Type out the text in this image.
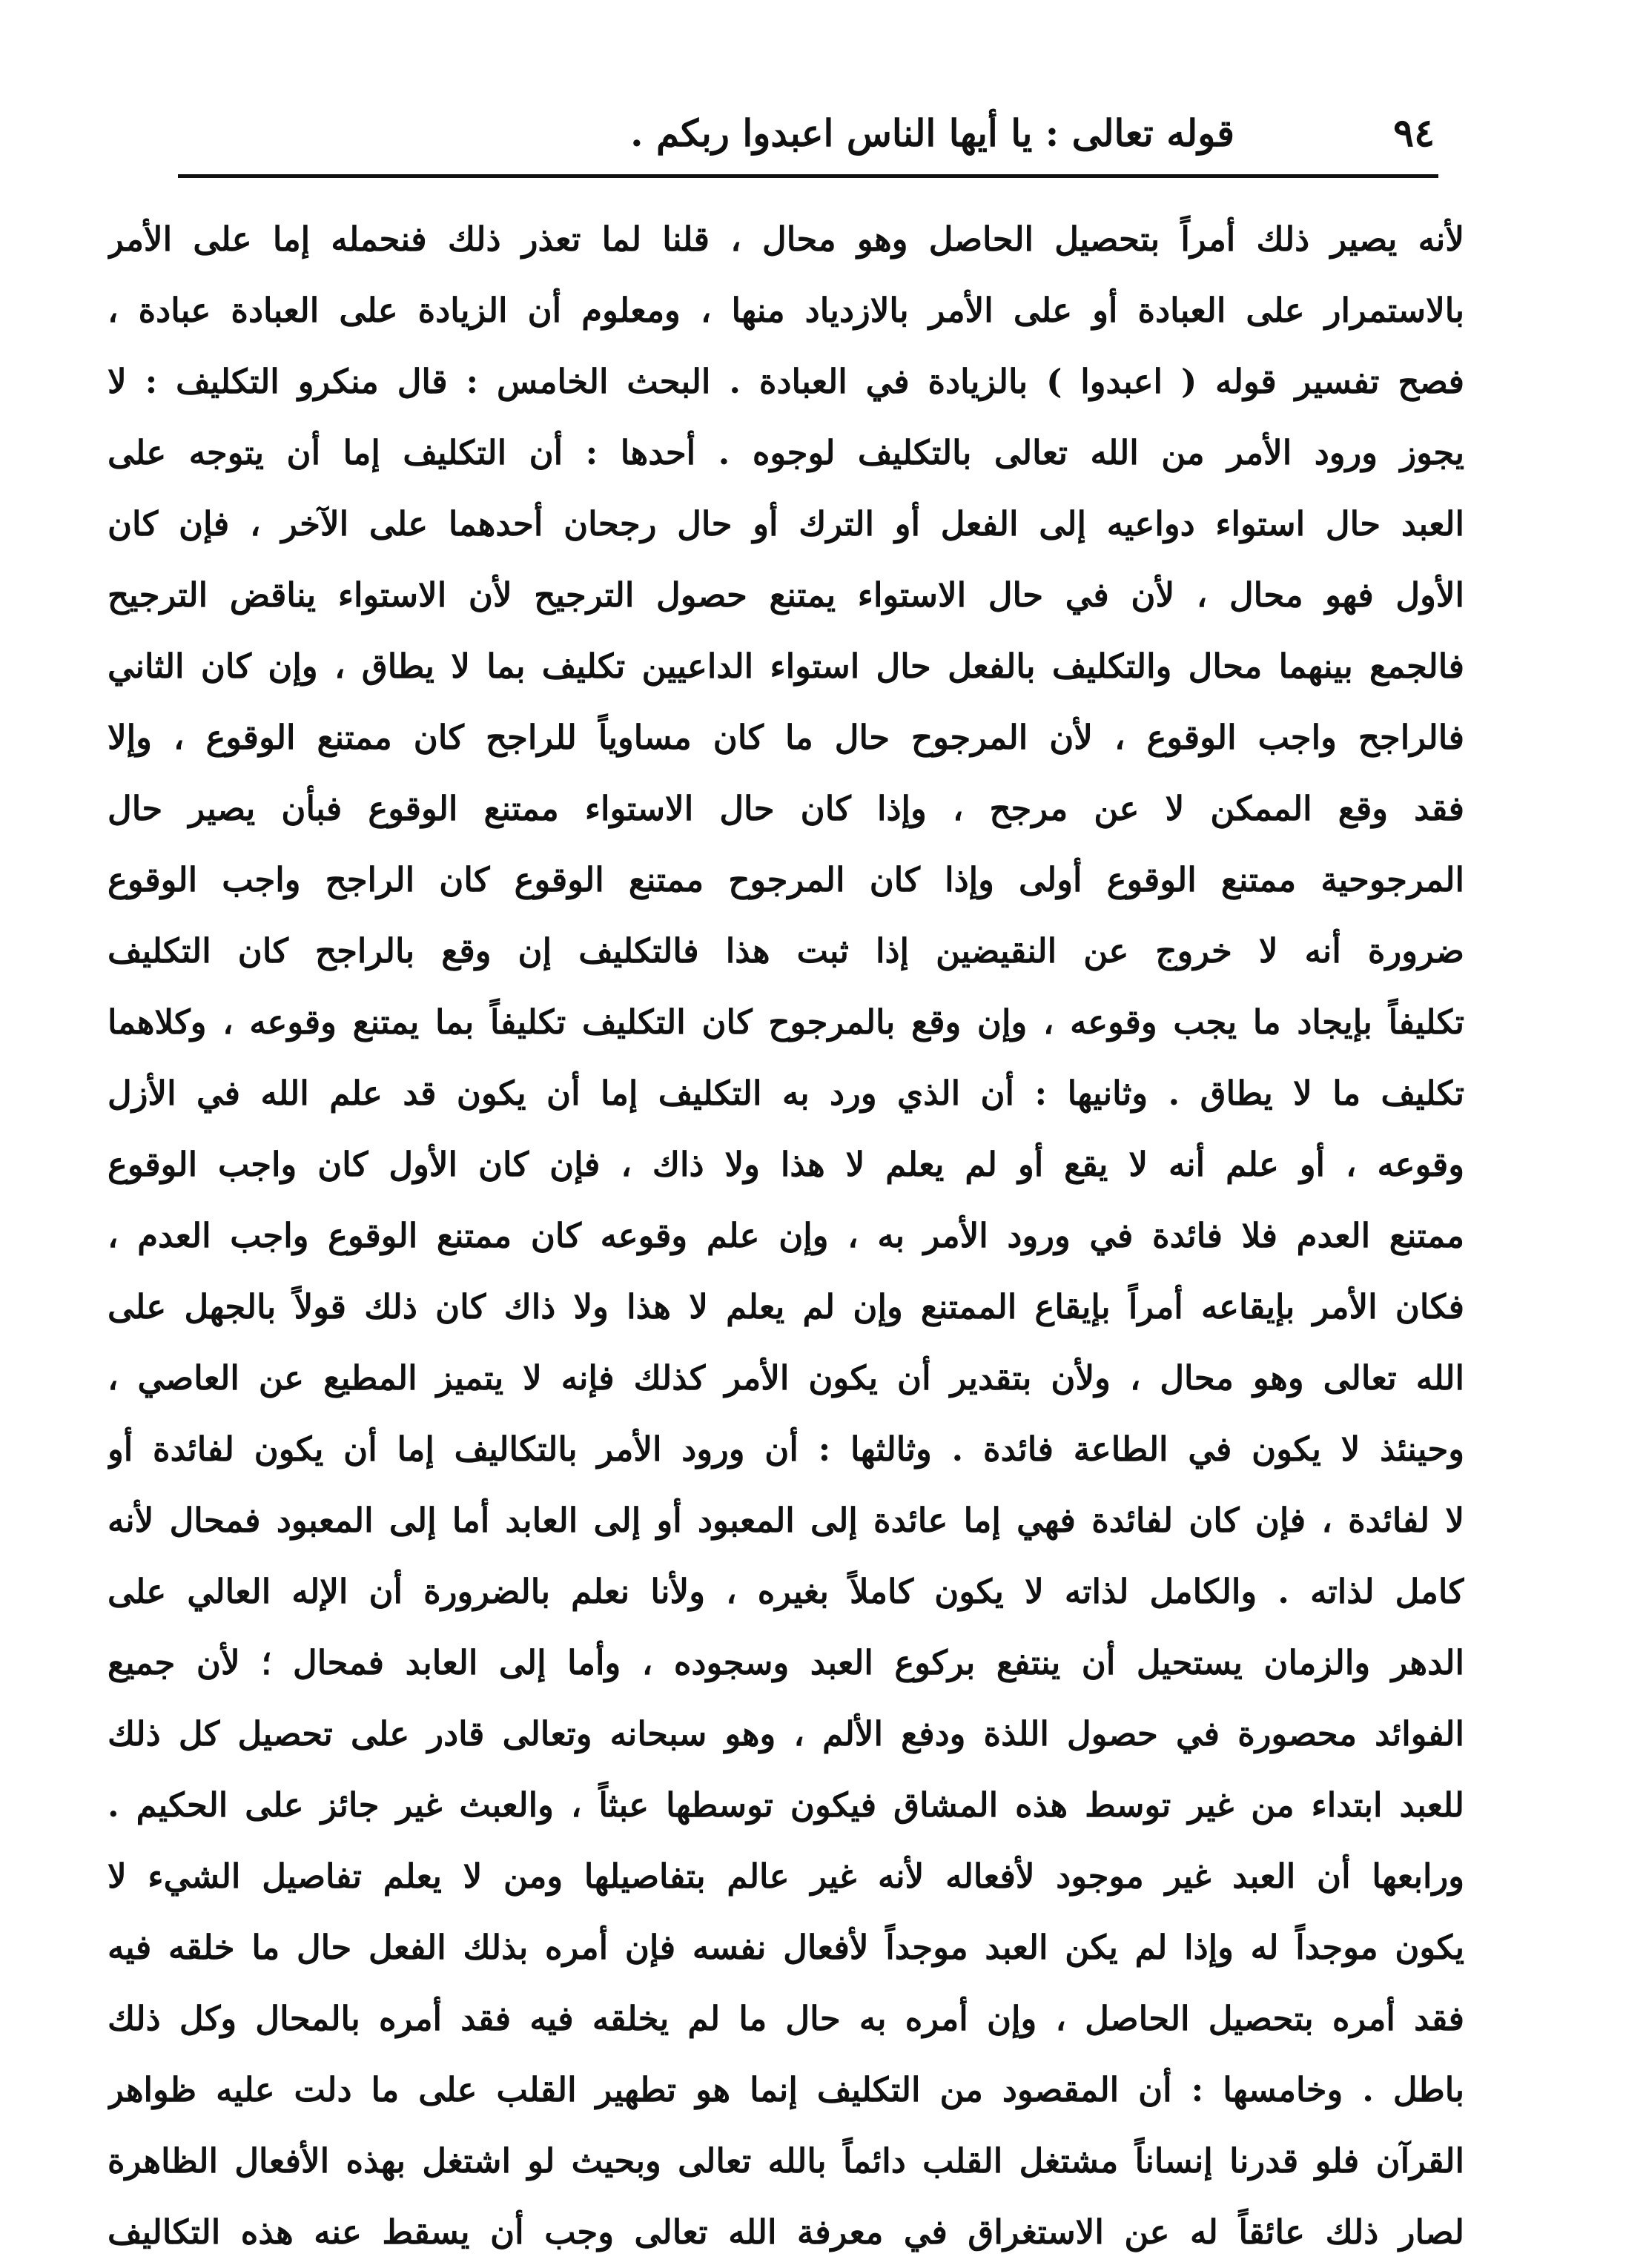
٩٤
قوله تعالى : يا أيها الناس اعبدوا ربكم .
لأنه يصير ذلك أمراً بتحصيل الحاصل وهو محال ، قلنا لما تعذر ذلك فنحمله إما على الأمر
بالاستمرار على العبادة أو على الأمر بالازدياد منها ، ومعلوم أن الزيادة على العبادة عبادة ،
فصح تفسير قوله ( اعبدوا ) بالزيادة في العبادة . البحث الخامس : قال منكرو التكليف : لا
يجوز ورود الأمر من الله تعالى بالتكليف لوجوه . أحدها : أن التكليف إما أن يتوجه على
العبد حال استواء دواعيه إلى الفعل أو الترك أو حال رجحان أحدهما على الآخر ، فإن كان
الأول فهو محال ، لأن في حال الاستواء يمتنع حصول الترجيح لأن الاستواء يناقض الترجيح
فالجمع بينهما محال والتكليف بالفعل حال استواء الداعيين تكليف بما لا يطاق ، وإن كان الثاني
فالراجح واجب الوقوع ، لأن المرجوح حال ما كان مساوياً للراجح كان ممتنع الوقوع ، وإلا
فقد وقع الممكن لا عن مرجح ، وإذا كان حال الاستواء ممتنع الوقوع فبأن يصير حال
المرجوحية ممتنع الوقوع أولى وإذا كان المرجوح ممتنع الوقوع كان الراجح واجب الوقوع
ضرورة أنه لا خروج عن النقيضين إذا ثبت هذا فالتكليف إن وقع بالراجح كان التكليف
تكليفاً بإيجاد ما يجب وقوعه ، وإن وقع بالمرجوح كان التكليف تكليفاً بما يمتنع وقوعه ، وكلاهما
تكليف ما لا يطاق . وثانيها : أن الذي ورد به التكليف إما أن يكون قد علم الله في الأزل
وقوعه ، أو علم أنه لا يقع أو لم يعلم لا هذا ولا ذاك ، فإن كان الأول كان واجب الوقوع
ممتنع العدم فلا فائدة في ورود الأمر به ، وإن علم وقوعه كان ممتنع الوقوع واجب العدم ،
فكان الأمر بإيقاعه أمراً بإيقاع الممتنع وإن لم يعلم لا هذا ولا ذاك كان ذلك قولاً بالجهل على
الله تعالى وهو محال ، ولأن بتقدير أن يكون الأمر كذلك فإنه لا يتميز المطيع عن العاصي ،
وحينئذ لا يكون في الطاعة فائدة . وثالثها : أن ورود الأمر بالتكاليف إما أن يكون لفائدة أو
لا لفائدة ، فإن كان لفائدة فهي إما عائدة إلى المعبود أو إلى العابد أما إلى المعبود فمحال لأنه
كامل لذاته . والكامل لذاته لا يكون كاملاً بغيره ، ولأنا نعلم بالضرورة أن الإله العالي على
الدهر والزمان يستحيل أن ينتفع بركوع العبد وسجوده ، وأما إلى العابد فمحال ؛ لأن جميع
الفوائد محصورة في حصول اللذة ودفع الألم ، وهو سبحانه وتعالى قادر على تحصيل كل ذلك
للعبد ابتداء من غير توسط هذه المشاق فيكون توسطها عبثاً ، والعبث غير جائز على الحكيم .
ورابعها أن العبد غير موجود لأفعاله لأنه غير عالم بتفاصيلها ومن لا يعلم تفاصيل الشيء لا
يكون موجداً له وإذا لم يكن العبد موجداً لأفعال نفسه فإن أمره بذلك الفعل حال ما خلقه فيه
فقد أمره بتحصيل الحاصل ، وإن أمره به حال ما لم يخلقه فيه فقد أمره بالمحال وكل ذلك
باطل . وخامسها : أن المقصود من التكليف إنما هو تطهير القلب على ما دلت عليه ظواهر
القرآن فلو قدرنا إنساناً مشتغل القلب دائماً بالله تعالى وبحيث لو اشتغل بهذه الأفعال الظاهرة
لصار ذلك عائقاً له عن الاستغراق في معرفة الله تعالى وجب أن يسقط عنه هذه التكاليف
